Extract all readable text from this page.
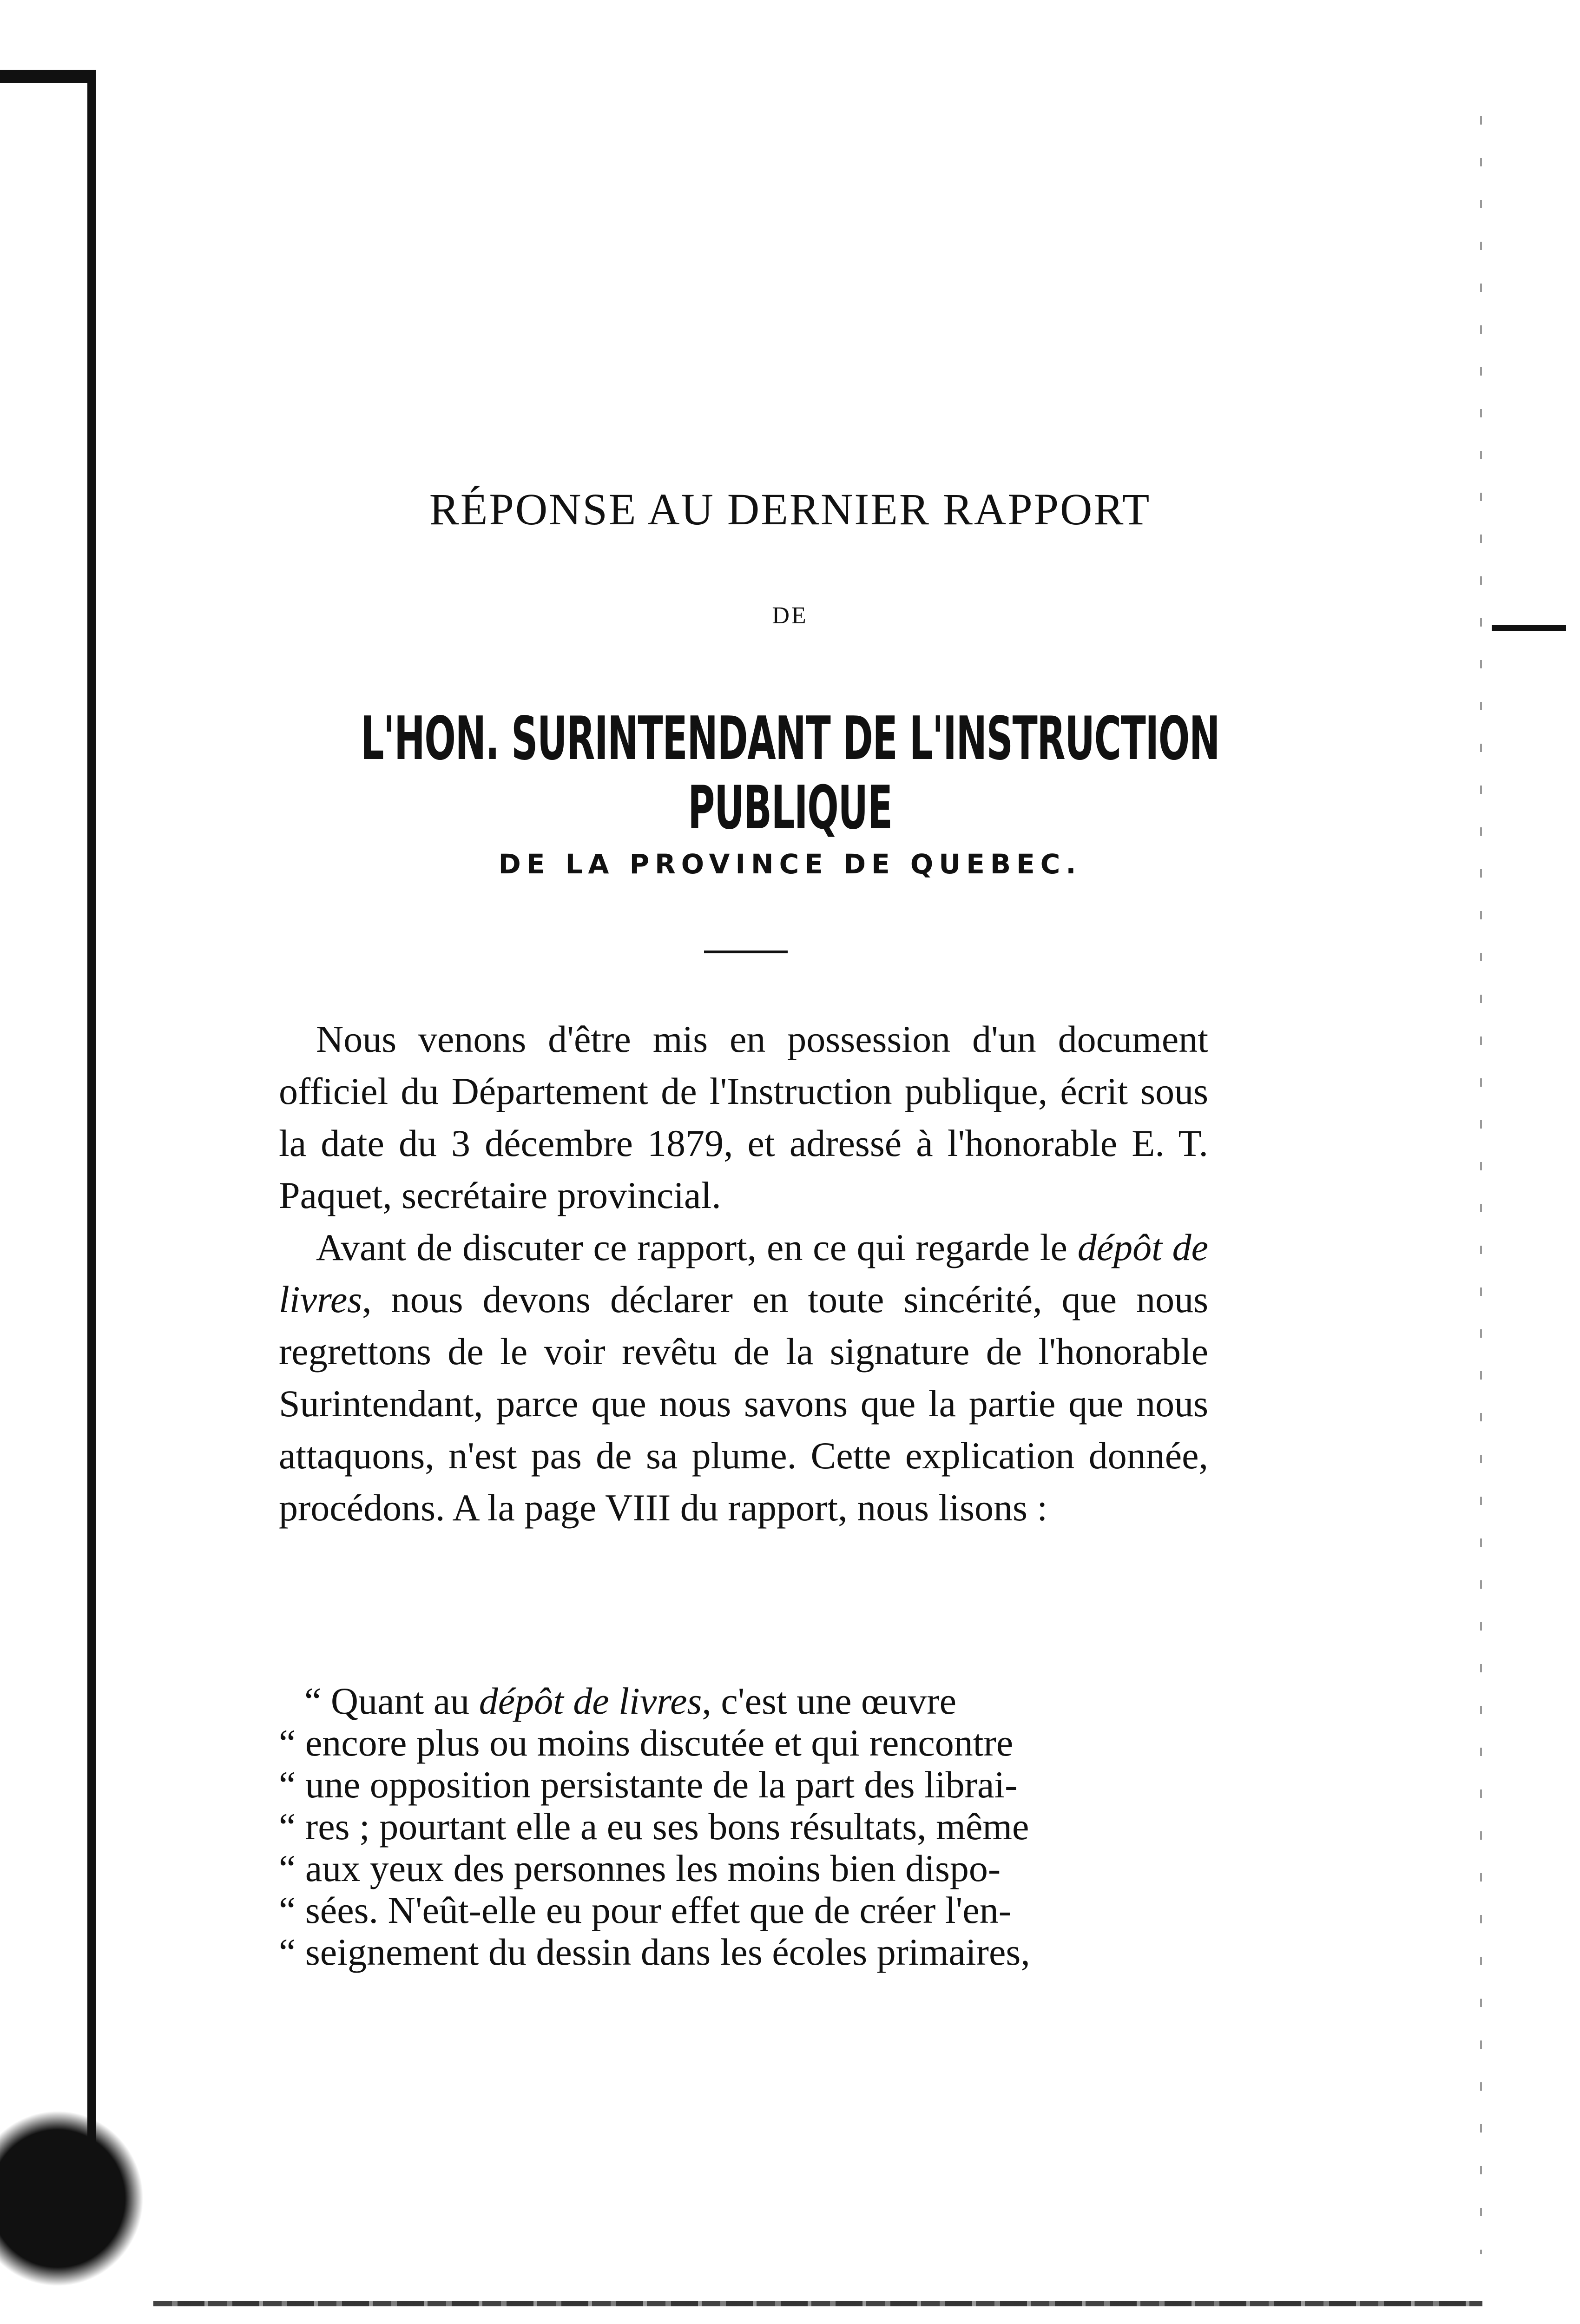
RÉPONSE AU DERNIER RAPPORT
DE
L'HON. SURINTENDANT DE L'INSTRUCTION PUBLIQUE
DE LA PROVINCE DE QUEBEC.

Nous venons d'être mis en possession d'un document officiel du Département de l'Instruction publique, écrit sous la date du 3 décembre 1879, et adressé à l'honorable E. T. Paquet, secrétaire provincial.

Avant de discuter ce rapport, en ce qui regarde le dépôt de livres, nous devons déclarer en toute sincérité, que nous regrettons de le voir revêtu de la signature de l'honorable Surintendant, parce que nous savons que la partie que nous attaquons, n'est pas de sa plume. Cette explication donnée, procédons. A la page VIII du rapport, nous lisons :

“ Quant au dépôt de livres, c'est une œuvre
“ encore plus ou moins discutée et qui rencontre
“ une opposition persistante de la part des librai-
“ res ; pourtant elle a eu ses bons résultats, même
“ aux yeux des personnes les moins bien dispo-
“ sées. N'eût-elle eu pour effet que de créer l'en-
“ seignement du dessin dans les écoles primaires,
